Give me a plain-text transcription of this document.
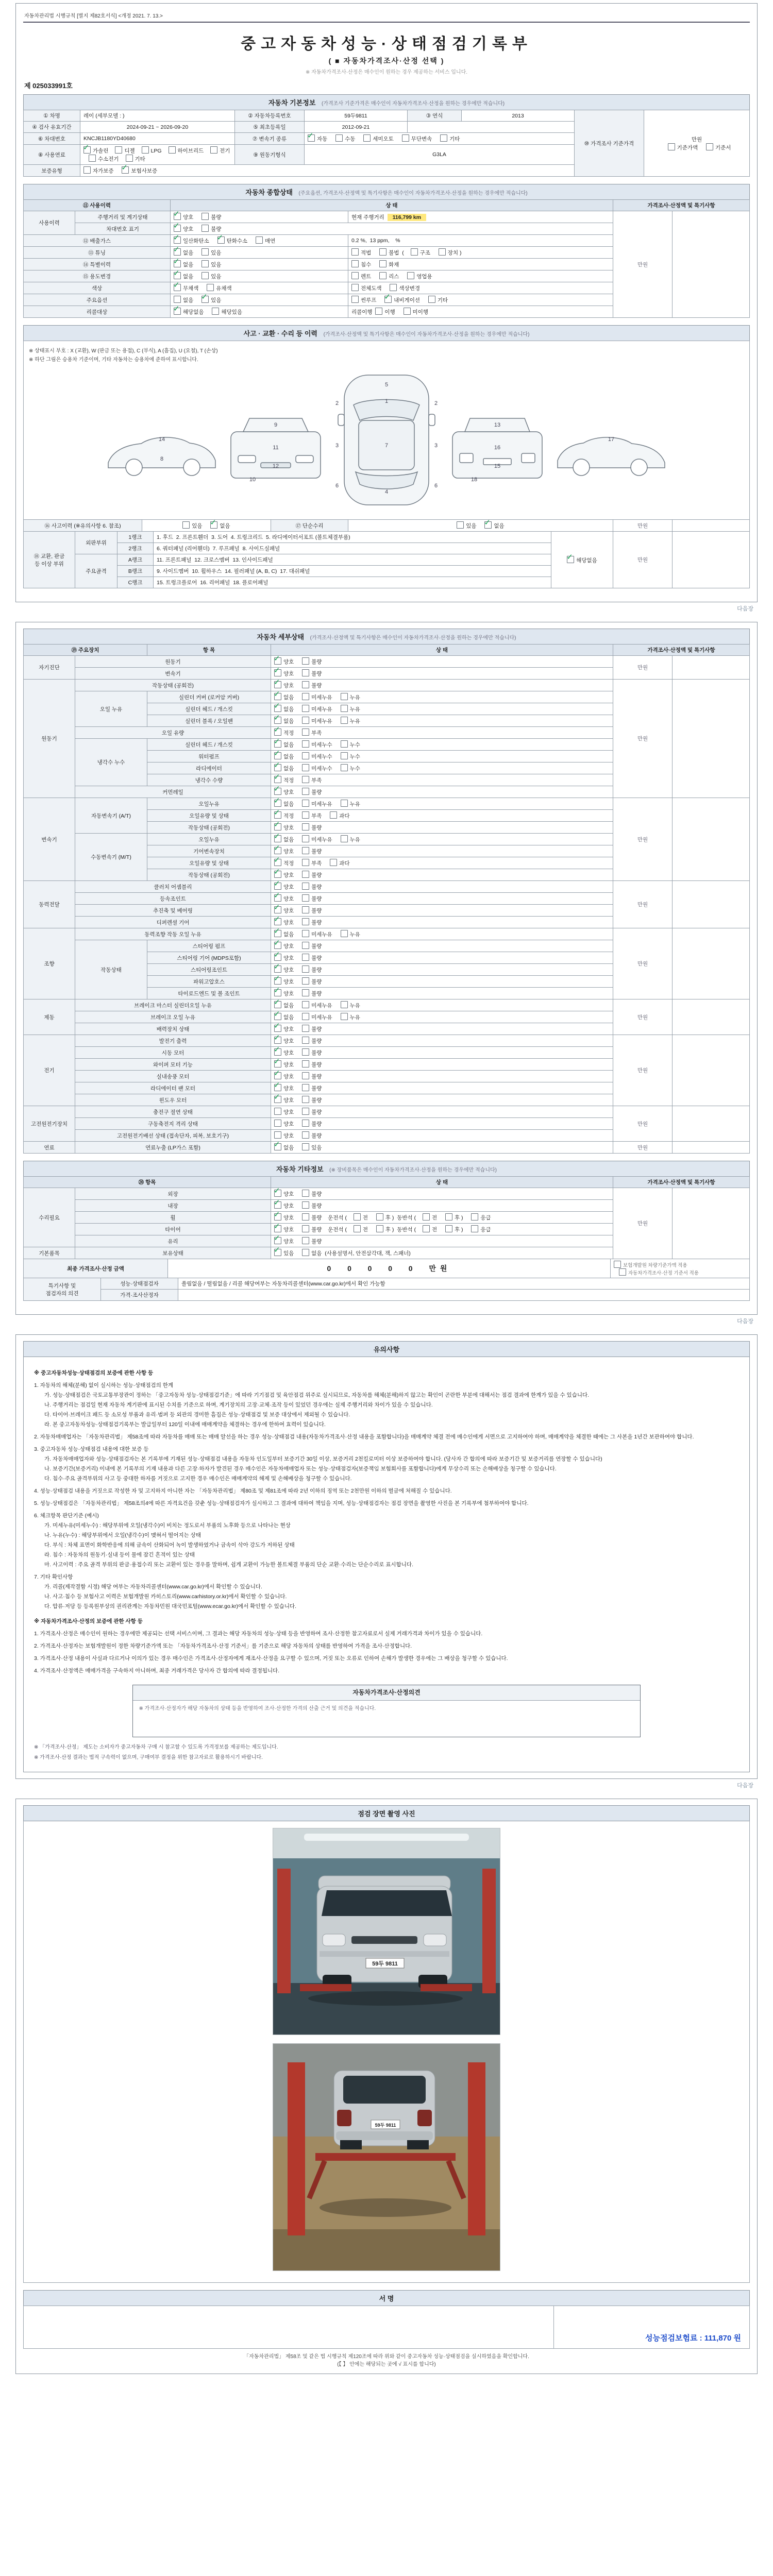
자동차관리법 시행규칙 [별지 제82호서식] <개정 2021. 7. 13.>
중고자동차성능·상태점검기록부
( ■ 자동차가격조사·산정 선택 )
※ 자동차가격조사·산정은 매수인이 원하는 경우 제공하는 서비스 입니다.
제 025033991호
자동차 기본정보 (가격조사 기준가격은 매수인이 자동차가격조사·산정을 원하는 경우에만 적습니다)
① 차명	레이 (세부모델 : )	② 자동차등록번호	59두9811	③ 연식	2013	⑩ 가격조사 기준가격	만원
기준가액 기준서
④ 검사 유효기간	2024-09-21 ~ 2026-09-20	⑤ 최초등록일	2012-09-21				
⑥ 차대번호	KNCJB1180YD40680	⑦ 변속기 종류	✓자동 수동 세미오토 무단변속 기타
⑧ 사용연료	✓가솔린 디젤 LPG 하이브리드 전기 수소전기 기타	⑨ 원동기형식	G3LA				
보증유형	자가보증 ✓ 보험사보증
자동차 종합상태 (주요옵션, 가격조사·산정액 및 특기사항은 매수인이 자동차가격조사·산정을 원하는 경우에만 적습니다)
⑪ 사용이력		상 태		가격조사·산정액 및 특기사항	
사용이력	주행거리 및 계기상태	✓양호 불량	현재 주행거리  116,799 km	만원	
	차대번호 표기	✓양호 불량
⑫ 배출가스	✓일산화탄소 ✓ 탄화수소 매연	0.2 %,  13 ppm,    %		
⑬ 튜닝	✓없음 있음	적법 불법  ( 구조 장치 )		
⑭ 특별이력	✓없음 있음	침수 화재		
⑮ 용도변경	✓없음 있음	렌트 리스 영업용		
색상	✓무채색 유채색	전체도색 색상변경		
주요옵션		없음 ✓ 있음	썬루프 ✓ 내비게이션 기타
리콜대상	✓해당없음 해당있음	리콜이행  이행 미이행		
사고 · 교환 · 수리 등 이력 (가격조사·산정액 및 특기사항은 매수인이 자동차가격조사·산정을 원하는 경우에만 적습니다)
※ 상태표시 부호 : X (교환), W (판금 또는 용접), C (부식), A (흠집), U (요철), T (손상)
※ 하단 그림은 승용차 기준이며, 기타 자동차는 승용차에 준하여 표시합니다.
5
1
7
4
2	2
3	3
6	6
9
11
12
10
13
16
15
18
14
8
17
⑯ 사고이력 (※유의사항 6. 참조)	있음 ✓	없음	⑰ 단순수리	있음 ✓	없음	만원	
⑱ 교환, 판금
등 이상 부위	외판부위	1랭크	1. 후드  2. 프론트휀더  3. 도어  4. 트렁크리드  5. 라디에이터서포트 (볼트체결부품)	✓해당없음	만원	
		2랭크	6. 쿼터패널 (리어휀더)  7. 루프패널  8. 사이드실패널			
	주요골격	A랭크	11. 프론트패널  12. 크로스멤버  13. 인사이드패널			
		B랭크	9. 사이드멤버  10. 휠하우스  14. 필러패널 (A, B, C)  17. 대쉬패널			
		C랭크	15. 트렁크플로어  16. 리어패널  18. 플로어패널			
다음장
자동차 세부상태 (가격조사·산정액 및 특기사항은 매수인이 자동차가격조사·산정을 원하는 경우에만 적습니다)
⑲ 주요장치		항 목	상 태	가격조사·산정액 및 특기사항	
자기진단	원동기	✓양호 불량	만원	
	변속기	✓양호 불량
원동기	작동상태 (공회전)	✓양호 불량	만원	
	오일 누유	실린더 커버 (로커암 커버)	✓없음 미세누유 누유
		실린더 헤드 / 개스킷	✓없음 미세누유 누유
		실린더 블록 / 오일팬	✓없음 미세누유 누유
	오일 유량	✓적정 부족
	냉각수 누수	실린더 헤드 / 개스킷	✓없음 미세누수 누수
		워터펌프	✓없음 미세누수 누수
		라디에이터	✓없음 미세누수 누수
		냉각수 수량	✓적정 부족
	커먼레일	✓양호 불량
변속기	자동변속기 (A/T)	오일누유	✓없음 미세누유 누유	만원	
		오일유량 및 상태	✓적정 부족 과다
		작동상태 (공회전)	✓양호 불량
	수동변속기 (M/T)	오일누유	✓없음 미세누유 누유
		기어변속장치	✓양호 불량
		오일유량 및 상태	✓적정 부족 과다
		작동상태 (공회전)	✓양호 불량
동력전달	클러치 어셈블리	✓양호 불량	만원	
	등속조인트	✓양호 불량
	추진축 및 베어링	✓양호 불량
	디퍼렌셜 기어	✓양호 불량
조향	동력조향 작동 오일 누유	✓없음 미세누유 누유	만원	
	작동상태	스티어링 펌프	✓양호 불량
		스티어링 기어 (MDPS포함)	✓양호 불량
		스티어링조인트	✓양호 불량
		파워고압호스	✓양호 불량
		타이로드엔드 및 볼 조인트	✓양호 불량
제동	브레이크 마스터 실린더오일 누유	✓없음 미세누유 누유	만원	
	브레이크 오일 누유	✓없음 미세누유 누유
	배력장치 상태	✓양호 불량
전기	발전기 출력	✓양호 불량	만원	
	시동 모터	✓양호 불량
	와이퍼 모터 기능	✓양호 불량
	실내송풍 모터	✓양호 불량
	라디에이터 팬 모터	✓양호 불량
	윈도우 모터	✓양호 불량
고전원전기장치	충전구 절연 상태		양호 불량	만원	
	구동축전지 격리 상태		양호 불량		
	고전원전기배선 상태 (접속단자, 피복, 보호기구)		양호 불량		
연료	연료누출 (LP가스 포함)	✓없음 있음	만원	
자동차 기타정보 (※ 장비품목은 매수인이 자동차가격조사·산정을 원하는 경우에만 적습니다)
⑳ 항목		상 태	가격조사·산정액 및 특기사항	
수리필요	외장	✓양호 불량	만원	
	내장	✓양호 불량
	휠	✓양호 불량    운전석 ( 전 후 )  동반석 ( 전 후 ) 응급
	타이어	✓양호 불량    운전석 ( 전 후 )  동반석 ( 전 후 ) 응급
	유리	✓양호 불량
기본품목	보유상태	✓있음 없음  (사용설명서, 안전삼각대, 잭, 스패너)
최종 가격조사·산정 금액	0  0  0  0  0  만원	보험개발원 차량기준가액 적용
자동차가격조사·산정 기준서 적용
특기사항 및
점검자의 의견	성능·상태점검자	쏠림없음 / 떨림없음 / 리콜 해당여부는 자동차리콜센터(www.car.go.kr)에서 확인 가능함
	가격·조사산정자	
다음장
유의사항
※ 중고자동차성능·상태점검의 보증에 관한 사항 등
1. 자동차의 해체(분해) 없이 실시하는 성능·상태점검의 한계
가. 성능·상태점검은 국토교통부장관이 정하는 「중고자동차 성능·상태점검기준」에 따라 기기점검 및 육안점검 위주로 실시되므로, 자동차를 해체(분해)하지 않고는 확인이 곤란한 부분에 대해서는 점검 결과에 한계가 있을 수 있습니다.
나. 주행거리는 점검일 현재 자동차 계기판에 표시된 수치를 기준으로 하며, 계기장치의 고장·교체·조작 등이 있었던 경우에는 실제 주행거리와 차이가 있을 수 있습니다.
다. 타이어·브레이크 패드 등 소모성 부품과 유리·범퍼 등 외관의 경미한 흠집은 성능·상태점검 및 보증 대상에서 제외될 수 있습니다.
라. 본 중고자동차성능·상태점검기록부는 발급일부터 120일 이내에 매매계약을 체결하는 경우에 한하여 효력이 있습니다.
2. 자동차매매업자는 「자동차관리법」 제58조에 따라 자동차를 매매 또는 매매 알선을 하는 경우 성능·상태점검 내용(자동차가격조사·산정 내용을 포함합니다)을 매매계약 체결 전에 매수인에게 서면으로 고지하여야 하며, 매매계약을 체결한 때에는 그 사본을 1년간 보관하여야 합니다.
3. 중고자동차 성능·상태점검 내용에 대한 보증 등
가. 자동차매매업자와 성능·상태점검자는 본 기록부에 기재된 성능·상태점검 내용을 자동차 인도일부터 보증기간 30일 이상, 보증거리 2천킬로미터 이상 보증하여야 합니다. (당사자 간 합의에 따라 보증기간 및 보증거리를 연장할 수 있습니다)
나. 보증기간(보증거리) 이내에 본 기록부의 기재 내용과 다른 고장·하자가 발견된 경우 매수인은 자동차매매업자 또는 성능·상태점검자(보증책임 보험회사를 포함합니다)에게 무상수리 또는 손해배상을 청구할 수 있습니다.
다. 침수·주요 골격부위의 사고 등 중대한 하자를 거짓으로 고지한 경우 매수인은 매매계약의 해제 및 손해배상을 청구할 수 있습니다.
4. 성능·상태점검 내용을 거짓으로 작성한 자 및 고지하지 아니한 자는 「자동차관리법」 제80조 및 제81조에 따라 2년 이하의 징역 또는 2천만원 이하의 벌금에 처해질 수 있습니다.
5. 성능·상태점검은 「자동차관리법」 제58조의4에 따른 자격요건을 갖춘 성능·상태점검자가 실시하고 그 결과에 대하여 책임을 지며, 성능·상태점검자는 점검 장면을 촬영한 사진을 본 기록부에 첨부하여야 합니다.
6. 체크항목 판단기준 (예시)
가. 미세누유(미세누수) : 해당부위에 오일(냉각수)이 비치는 정도로서 부품의 노후화 등으로 나타나는 현상
나. 누유(누수) : 해당부위에서 오일(냉각수)이 맺혀서 떨어지는 상태
다. 부식 : 차체 표면이 화학반응에 의해 금속이 산화되어 녹이 발생하였거나 금속이 삭아 강도가 저하된 상태
라. 침수 : 자동차의 원동기·실내 등이 물에 잠긴 흔적이 있는 상태
마. 사고이력 : 주요 골격 부위의 판금·용접수리 또는 교환이 있는 경우를 말하며, 쉽게 교환이 가능한 볼트체결 부품의 단순 교환·수리는 단순수리로 표시합니다.
7. 기타 확인사항
가. 리콜(제작결함 시정) 해당 여부는 자동차리콜센터(www.car.go.kr)에서 확인할 수 있습니다.
나. 사고·침수 등 보험사고 이력은 보험개발원 카히스토리(www.carhistory.or.kr)에서 확인할 수 있습니다.
다. 압류·저당 등 등록원부상의 권리관계는 자동차민원 대국민포털(www.ecar.go.kr)에서 확인할 수 있습니다.
※ 자동차가격조사·산정의 보증에 관한 사항 등
1. 가격조사·산정은 매수인이 원하는 경우에만 제공되는 선택 서비스이며, 그 결과는 해당 자동차의 성능·상태 등을 반영하여 조사·산정한 참고자료로서 실제 거래가격과 차이가 있을 수 있습니다.
2. 가격조사·산정자는 보험개발원이 정한 차량기준가액 또는 「자동차가격조사·산정 기준서」를 기준으로 해당 자동차의 상태를 반영하여 가격을 조사·산정합니다.
3. 가격조사·산정 내용이 사실과 다르거나 이의가 있는 경우 매수인은 가격조사·산정자에게 재조사·산정을 요구할 수 있으며, 거짓 또는 오류로 인하여 손해가 발생한 경우에는 그 배상을 청구할 수 있습니다.
4. 가격조사·산정액은 매매가격을 구속하지 아니하며, 최종 거래가격은 당사자 간 합의에 따라 결정됩니다.
자동차가격조사·산정의견
※ 가격조사·산정자가 해당 자동차의 상태 등을 반영하여 조사·산정한 가격의 산출 근거 및 의견을 적습니다.
※ 「가격조사·산정」 제도는 소비자가 중고자동차 구매 시 참고할 수 있도록 가격정보를 제공하는 제도입니다.
※ 가격조사·산정 결과는 법적 구속력이 없으며, 구매여부 결정을 위한 참고자료로 활용하시기 바랍니다.
다음장
점검 장면 촬영 사진
59두 9811
59두 9811
서 명
	성능점검보험료 : 111,870 원
「자동차관리법」 제58조 및 같은 법 시행규칙 제120조에 따라 위와 같이 중고자동차 성능·상태점검을 실시하였음을 확인합니다.
(【 】 안에는 해당되는 곳에 √ 표시를 합니다)
